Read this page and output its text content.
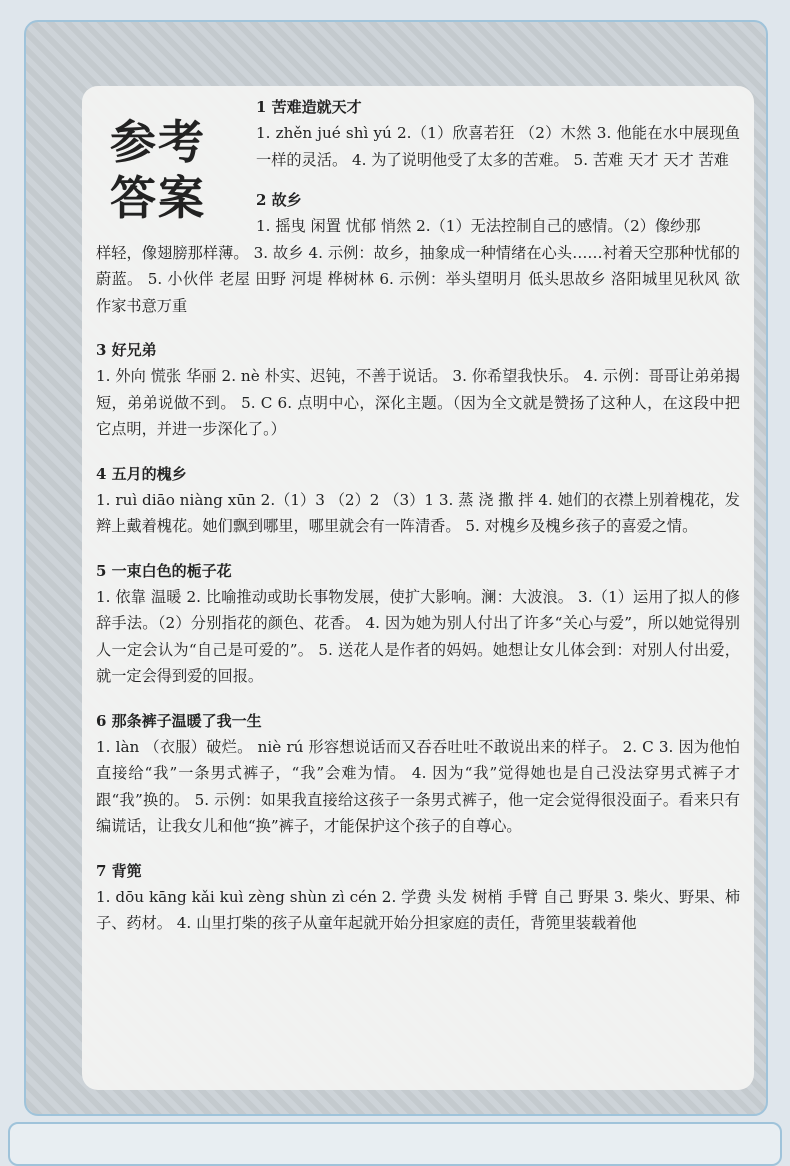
参考
答案

1 苦难造就天才

1. zhěn jué shì yú 2.（1）欣喜若狂 （2）木然 3. 他能在水中展现鱼一样的灵活。 4. 为了说明他受了太多的苦难。 5. 苦难 天才 天才 苦难

2 故乡

1. 摇曳 闲置 忧郁 悄然 2.（1）无法控制自己的感情。（2）像纱那

样轻，像翅膀那样薄。 3. 故乡 4. 示例：故乡，抽象成一种情绪在心头……衬着天空那种忧郁的蔚蓝。 5. 小伙伴 老屋 田野 河堤 桦树林 6. 示例：举头望明月 低头思故乡 洛阳城里见秋风 欲作家书意万重

3 好兄弟

1. 外向 慌张 华丽 2. nè 朴实、迟钝，不善于说话。 3. 你希望我快乐。 4. 示例：哥哥让弟弟揭短，弟弟说做不到。 5. C 6. 点明中心，深化主题。（因为全文就是赞扬了这种人，在这段中把它点明，并进一步深化了。）

4 五月的槐乡

1. ruì diāo niàng xūn 2.（1）3 （2）2 （3）1 3. 蒸 浇 撒 拌 4. 她们的衣襟上别着槐花，发辫上戴着槐花。她们飘到哪里，哪里就会有一阵清香。 5. 对槐乡及槐乡孩子的喜爱之情。

5 一束白色的栀子花

1. 依靠 温暖 2. 比喻推动或助长事物发展，使扩大影响。澜：大波浪。 3.（1）运用了拟人的修辞手法。（2）分别指花的颜色、花香。 4. 因为她为别人付出了许多“关心与爱”，所以她觉得别人一定会认为“自己是可爱的”。 5. 送花人是作者的妈妈。她想让女儿体会到：对别人付出爱，就一定会得到爱的回报。

6 那条裤子温暖了我一生

1. làn （衣服）破烂。 niè rú 形容想说话而又吞吞吐吐不敢说出来的样子。 2. C 3. 因为他怕直接给“我”一条男式裤子，“我”会难为情。 4. 因为“我”觉得她也是自己没法穿男式裤子才跟“我”换的。 5. 示例：如果我直接给这孩子一条男式裤子，他一定会觉得很没面子。看来只有编谎话，让我女儿和他“换”裤子，才能保护这个孩子的自尊心。

7 背篼

1. dōu kāng kǎi kuì zèng shùn zì cén 2. 学费 头发 树梢 手臂 自己 野果 3. 柴火、野果、柿子、药材。 4. 山里打柴的孩子从童年起就开始分担家庭的责任，背篼里装载着他
